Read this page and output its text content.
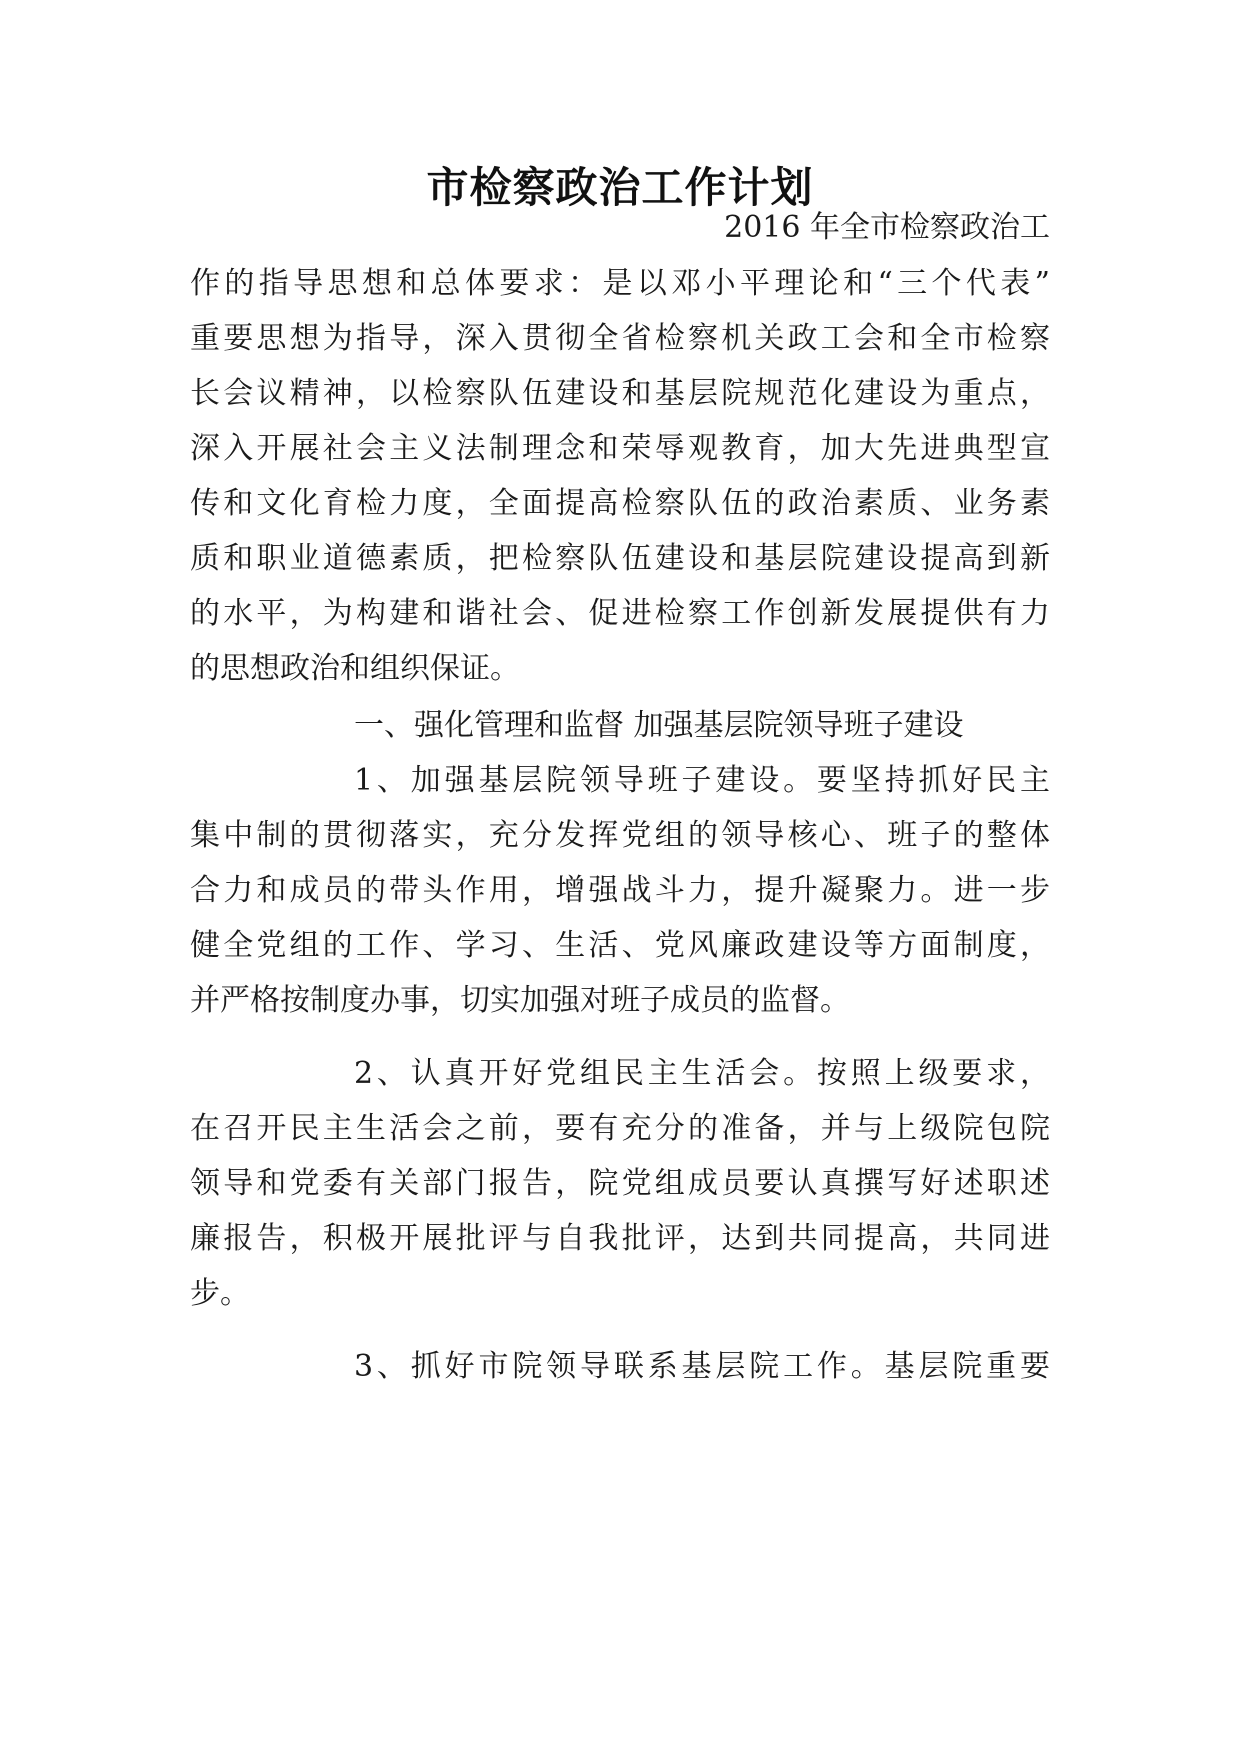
市检察政治工作计划
2016 年全市检察政治工
作的指导思想和总体要求：是以邓小平理论和“三个代表”
重要思想为指导，深入贯彻全省检察机关政工会和全市检察
长会议精神，以检察队伍建设和基层院规范化建设为重点，
深入开展社会主义法制理念和荣辱观教育，加大先进典型宣
传和文化育检力度，全面提高检察队伍的政治素质、业务素
质和职业道德素质，把检察队伍建设和基层院建设提高到新
的水平，为构建和谐社会、促进检察工作创新发展提供有力
的思想政治和组织保证。
一、强化管理和监督 加强基层院领导班子建设
1、加强基层院领导班子建设。要坚持抓好民主
集中制的贯彻落实，充分发挥党组的领导核心、班子的整体
合力和成员的带头作用，增强战斗力，提升凝聚力。进一步
健全党组的工作、学习、生活、党风廉政建设等方面制度，
并严格按制度办事，切实加强对班子成员的监督。
2、认真开好党组民主生活会。按照上级要求，
在召开民主生活会之前，要有充分的准备，并与上级院包院
领导和党委有关部门报告，院党组成员要认真撰写好述职述
廉报告，积极开展批评与自我批评，达到共同提高，共同进
步。
3、抓好市院领导联系基层院工作。基层院重要
